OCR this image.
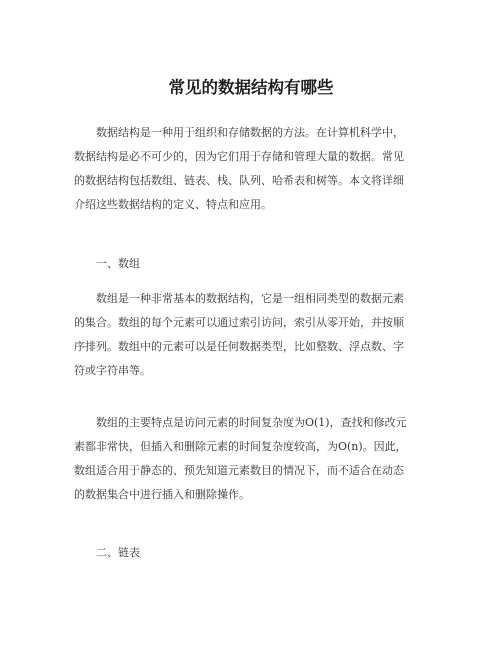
常见的数据结构有哪些

数据结构是一种用于组织和存储数据的方法。在计算机科学中，
数据结构是必不可少的，因为它们用于存储和管理大量的数据。常见
的数据结构包括数组、链表、栈、队列、哈希表和树等。本文将详细
介绍这些数据结构的定义、特点和应用。

一、数组

数组是一种非常基本的数据结构，它是一组相同类型的数据元素
的集合。数组的每个元素可以通过索引访问，索引从零开始，并按顺
序排列。数组中的元素可以是任何数据类型，比如整数、浮点数、字
符或字符串等。

数组的主要特点是访问元素的时间复杂度为O(1)，查找和修改元
素都非常快，但插入和删除元素的时间复杂度较高，为O(n)。因此，
数组适合用于静态的、预先知道元素数目的情况下，而不适合在动态
的数据集合中进行插入和删除操作。

二、链表
